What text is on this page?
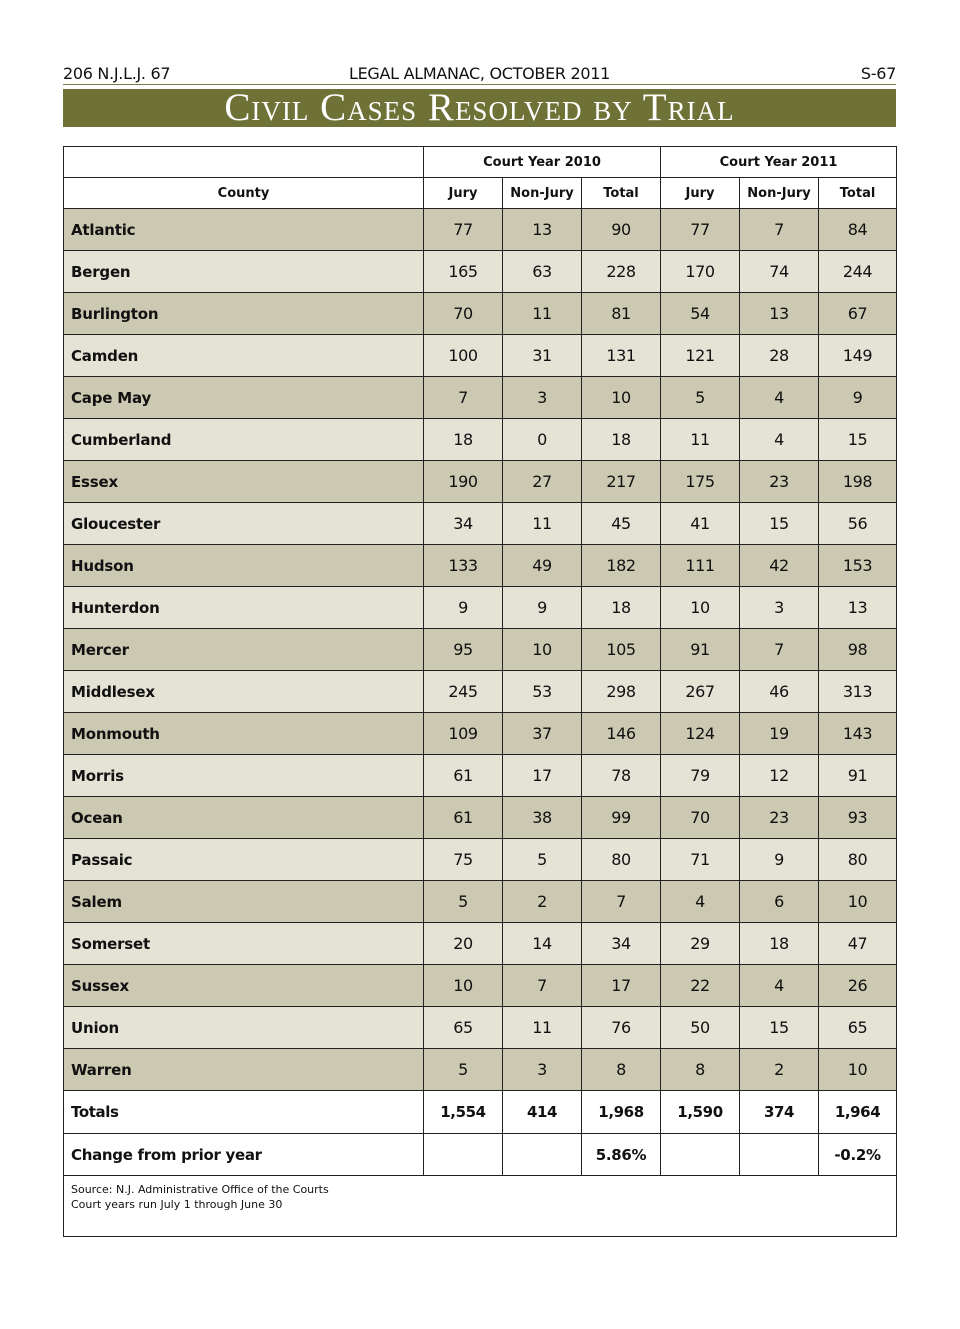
206 N.J.L.J. 67	LEGAL ALMANAC, OCTOBER 2011	S-67
Civil Cases Resolved by Trial
	Court Year 2010			Court Year 2011		
County	Jury	Non-Jury	Total	Jury	Non-Jury	Total
Atlantic	77	13	90	77	7	84
Bergen	165	63	228	170	74	244
Burlington	70	11	81	54	13	67
Camden	100	31	131	121	28	149
Cape May	7	3	10	5	4	9
Cumberland	18	0	18	11	4	15
Essex	190	27	217	175	23	198
Gloucester	34	11	45	41	15	56
Hudson	133	49	182	111	42	153
Hunterdon	9	9	18	10	3	13
Mercer	95	10	105	91	7	98
Middlesex	245	53	298	267	46	313
Monmouth	109	37	146	124	19	143
Morris	61	17	78	79	12	91
Ocean	61	38	99	70	23	93
Passaic	75	5	80	71	9	80
Salem	5	2	7	4	6	10
Somerset	20	14	34	29	18	47
Sussex	10	7	17	22	4	26
Union	65	11	76	50	15	65
Warren	5	3	8	8	2	10
Totals	1,554	414	1,968	1,590	374	1,964
Change from prior year			5.86%			-0.2%

Source: N.J. Administrative Office of the Courts
Court years run July 1 through June 30						
